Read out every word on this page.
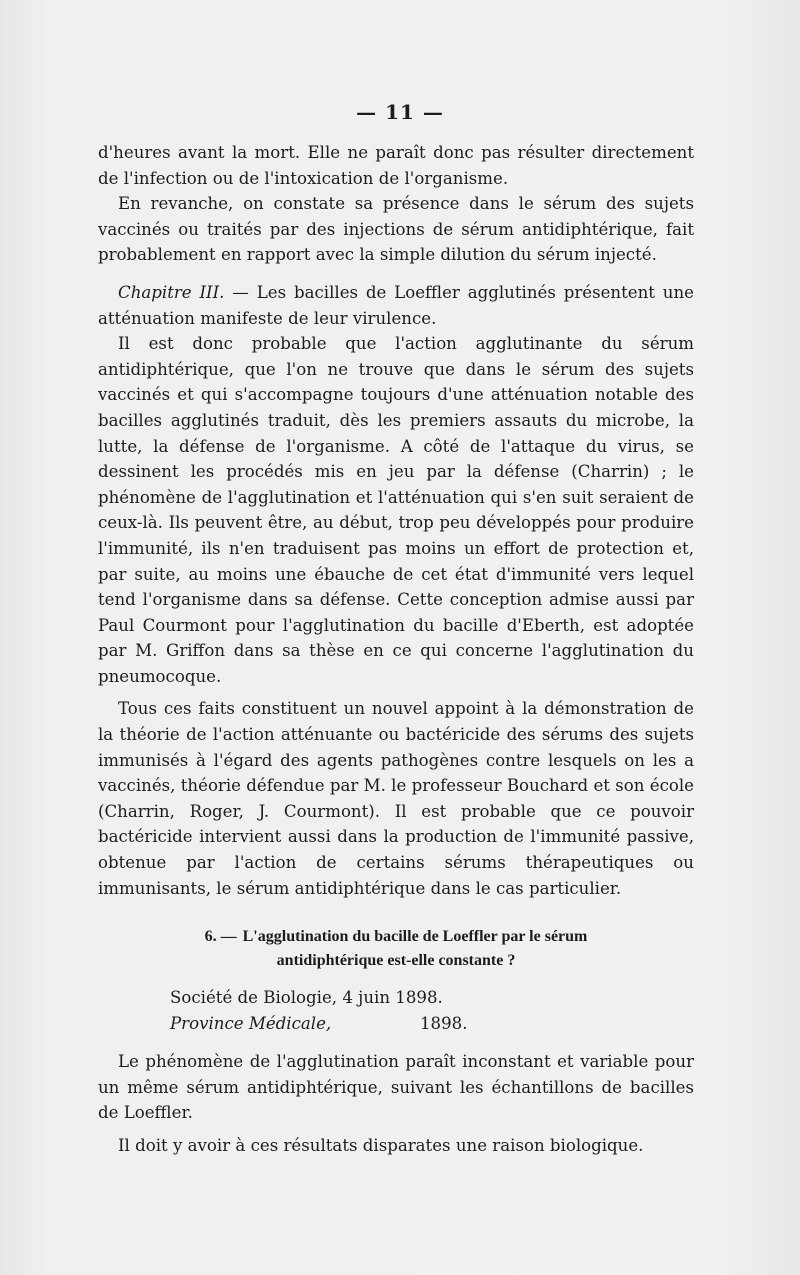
— 11 —

d'heures avant la mort. Elle ne paraît donc pas résulter directement de l'infection ou de l'intoxication de l'organisme.

En revanche, on constate sa présence dans le sérum des sujets vaccinés ou traités par des injections de sérum antidiphtérique, fait probablement en rapport avec la simple dilution du sérum injecté.

Chapitre III. — Les bacilles de Loeffler agglutinés présentent une atténuation manifeste de leur virulence.

Il est donc probable que l'action agglutinante du sérum antidiphtérique, que l'on ne trouve que dans le sérum des sujets vaccinés et qui s'accompagne toujours d'une atténuation notable des bacilles agglutinés traduit, dès les premiers assauts du microbe, la lutte, la défense de l'organisme. A côté de l'attaque du virus, se dessinent les procédés mis en jeu par la défense (Charrin) ; le phénomène de l'agglutination et l'atténuation qui s'en suit seraient de ceux-là. Ils peuvent être, au début, trop peu développés pour produire l'immunité, ils n'en traduisent pas moins un effort de protection et, par suite, au moins une ébauche de cet état d'immunité vers lequel tend l'organisme dans sa défense. Cette conception admise aussi par Paul Courmont pour l'agglutination du bacille d'Eberth, est adoptée par M. Griffon dans sa thèse en ce qui concerne l'agglutination du pneumocoque.

Tous ces faits constituent un nouvel appoint à la démonstration de la théorie de l'action atténuante ou bactéricide des sérums des sujets immunisés à l'égard des agents pathogènes contre lesquels on les a vaccinés, théorie défendue par M. le professeur Bouchard et son école (Charrin, Roger, J. Courmont). Il est probable que ce pouvoir bactéricide intervient aussi dans la production de l'immunité passive, obtenue par l'action de certains sérums thérapeutiques ou immunisants, le sérum antidiphtérique dans le cas particulier.

6. — L'agglutination du bacille de Loeffler par le sérum
antidiphtérique est-elle constante ?
Société de Biologie, 4 juin 1898.
Province Médicale,	1898.

Le phénomène de l'agglutination paraît inconstant et variable pour un même sérum antidiphtérique, suivant les échantillons de bacilles de Loeffler.

Il doit y avoir à ces résultats disparates une raison biologique.
